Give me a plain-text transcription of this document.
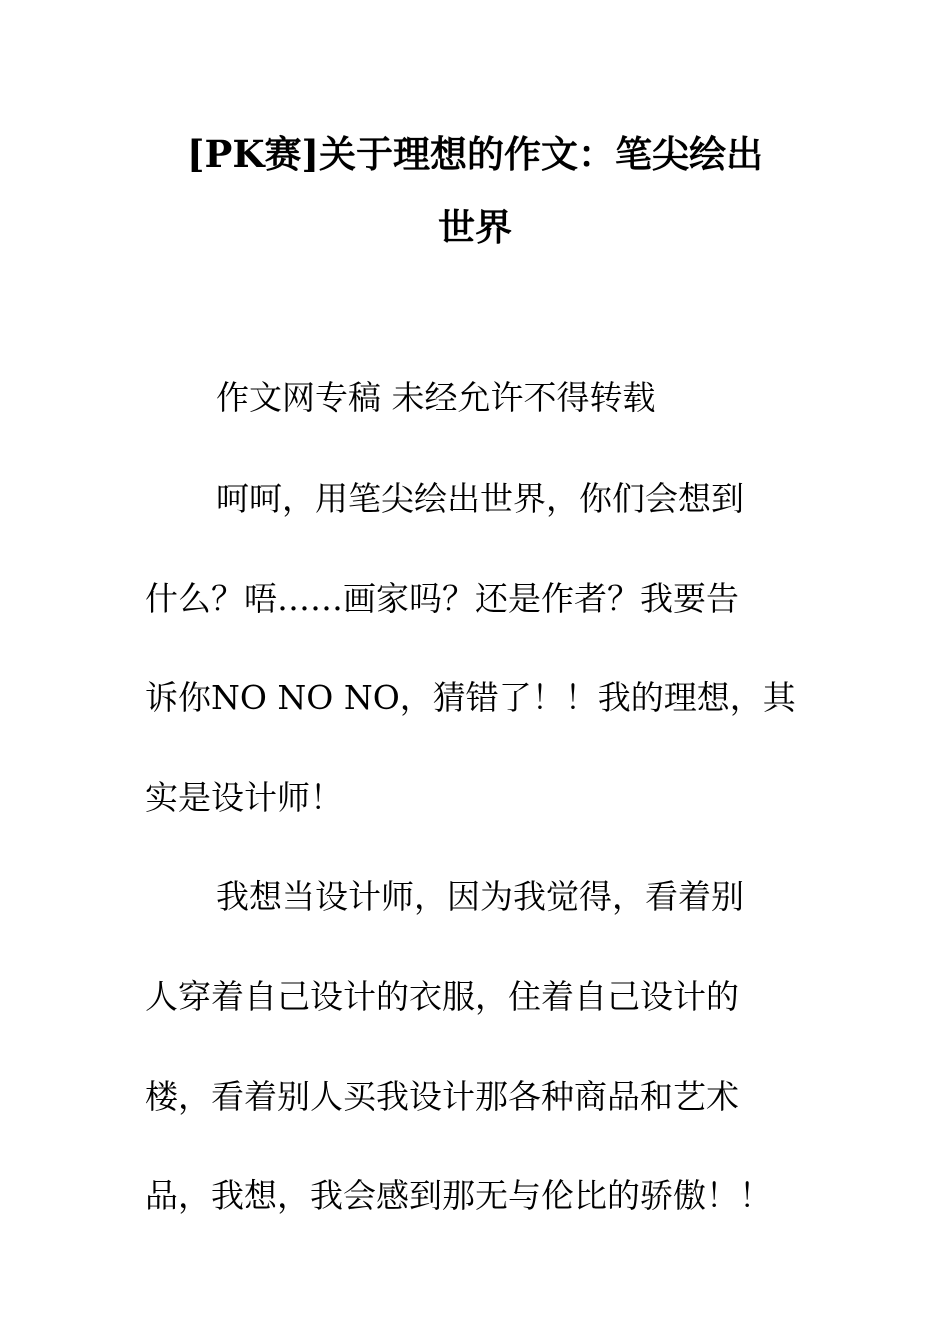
[PK赛]关于理想的作文：笔尖绘出
世界
作文网专稿 未经允许不得转载
呵呵，用笔尖绘出世界，你们会想到
什么？唔……画家吗？还是作者？我要告
诉你NO NO NO，猜错了！！我的理想，其
实是设计师！
我想当设计师，因为我觉得，看着别
人穿着自己设计的衣服，住着自己设计的
楼，看着别人买我设计那各种商品和艺术
品，我想，我会感到那无与伦比的骄傲！！
